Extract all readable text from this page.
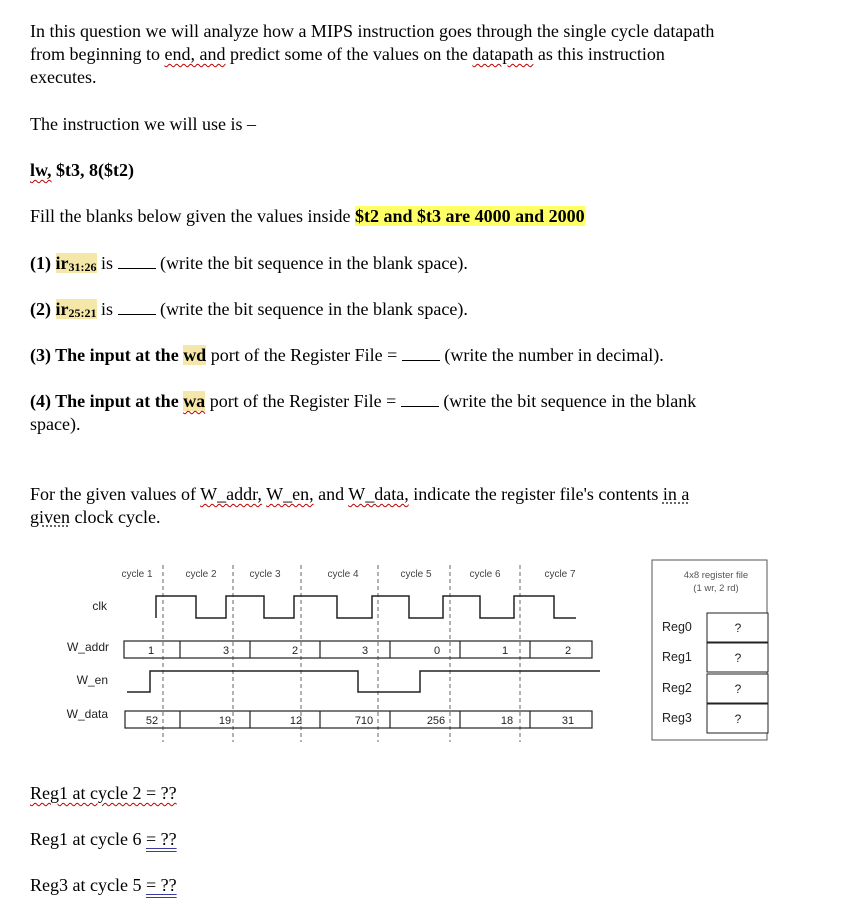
In this question we will analyze how a MIPS instruction goes through the single cycle datapath

from beginning to end, and predict some of the values on the datapath as this instruction

executes.

The instruction we will use is –

lw, $t3, 8($t2)

Fill the blanks below given the values inside $t2 and $t3 are 4000 and 2000

(1) ir31:26 is  (write the bit sequence in the blank space).

(2) ir25:21 is  (write the bit sequence in the blank space).

(3) The input at the wd port of the Register File =  (write the number in decimal).

(4) The input at the wa port of the Register File =  (write the bit sequence in the blank

space).

For the given values of W_addr, W_en, and W_data, indicate the register file's contents in a

given clock cycle.

cycle 1	cycle 2	cycle 3	cycle 4	cycle 5	cycle 6	cycle 7
clk
W_addr
W_en
W_data
1	3	2	3	0	1	2
52	19	12	710	256	18	31
4x8 register file
(1 wr, 2 rd)
Reg0	?
Reg1	?
Reg2	?
Reg3	?

Reg1 at cycle 2 = ??

Reg1 at cycle 6 = ??

Reg3 at cycle 5 = ??
